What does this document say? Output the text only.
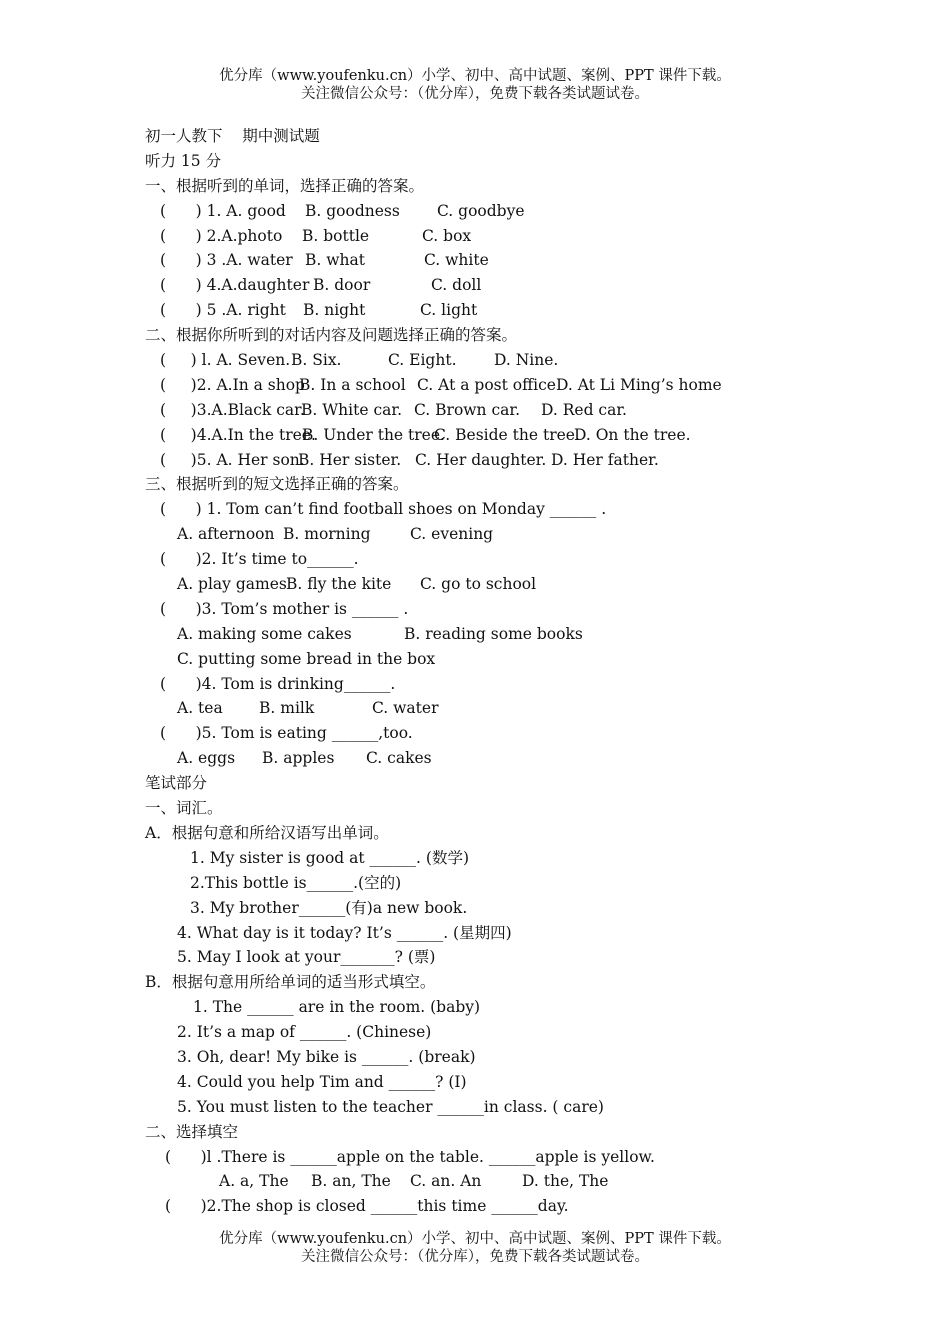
优分库（www.youfenku.cn）小学、初中、高中试题、案例、PPT 课件下载。
关注微信公众号：（优分库），免费下载各类试题试卷。
初一人教下    期中测试题
听力 15 分
一、根据听到的单词，选择正确的答案。
(      ) 1. A. good B. goodness C. goodbye
(      ) 2.A.photo B. bottle	C. box
(      ) 3 .A. water B. what	C. white
(      ) 4.A.daughter B. door	C. doll
(      ) 5 .A. right B. night	C. light
二、根据你所听到的对话内容及问题选择正确的答案。
(     ) l. A. Seven. B. Six.	C. Eight. D. Nine.
(     )2. A.In a shop
B. In a school C. At a post office D. At Li Ming’s home
(     )3.A.Black car.
B. White car. C. Brown car. D. Red car.
(     )4.A.In the tree.
B. Under the tree.
C. Beside the tree.
D. On the tree.
(     )5. A. Her son.
B. Her sister. C. Her daughter. D. Her father.
三、根据听到的短文选择正确的答案。
(      ) 1. Tom can’t find football shoes on Monday ______ .
A. afternoon B. morning	C. evening
(      )2. It’s time to______.
A. play games B. fly the kite C. go to school
(      )3. Tom’s mother is ______ .
A. making some cakes	B. reading some books
C. putting some bread in the box
(      )4. Tom is drinking______.
A. tea B. milk	C. water
(      )5. Tom is eating ______,too.
A. eggs B. apples C. cakes
笔试部分
一、词汇。
A．根据句意和所给汉语写出单词。
1. My sister is good at ______. (数学)
2.This bottle is______.(空的)
3. My brother______(有)a new book.
4. What day is it today? It’s ______. (星期四)
5. May I look at your_______? (票)
B．根据句意用所给单词的适当形式填空。
1. The ______ are in the room. (baby)
2. It’s a map of ______. (Chinese)
3. Oh, dear! My bike is ______. (break)
4. Could you help Tim and ______? (I)
5. You must listen to the teacher ______in class. ( care)
二、选择填空
(      )l .There is ______apple on the table. ______apple is yellow.
A. a, The B. an, The C. an. An	D. the, The
(      )2.The shop is closed ______this time ______day.
优分库（www.youfenku.cn）小学、初中、高中试题、案例、PPT 课件下载。
关注微信公众号：（优分库），免费下载各类试题试卷。
